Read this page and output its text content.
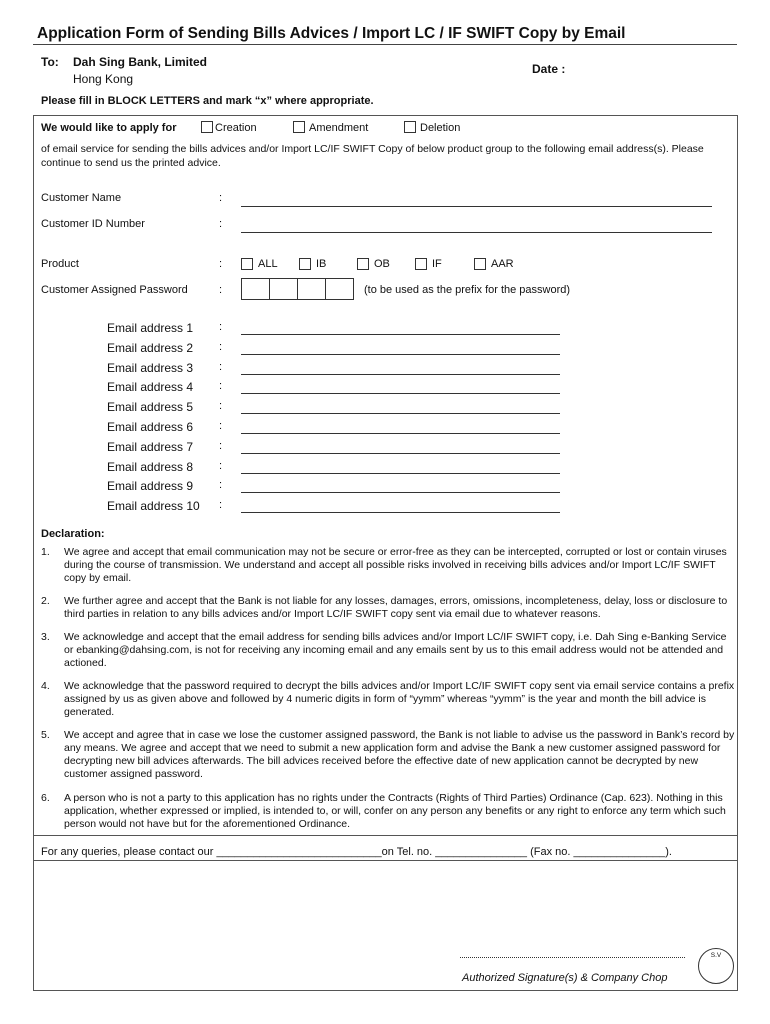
Application Form of Sending Bills Advices / Import LC / IF SWIFT Copy by Email
To: Dah Sing Bank, Limited
Hong Kong
Date :
Please fill in BLOCK LETTERS and mark “x” where appropriate.
We would like to apply for	Creation	Amendment	Deletion
of email service for sending the bills advices and/or Import LC/IF SWIFT Copy of below product group to the following email address(s). Please continue to send us the printed advice.
Customer Name	:
Customer ID Number	:
Product	:	ALL	IB	OB	IF	AAR
Customer Assigned Password	:	(to be used as the prefix for the password)
Email address 1 :
Email address 2 :
Email address 3 :
Email address 4 :
Email address 5 :
Email address 6 :
Email address 7 :
Email address 8 :
Email address 9 :
Email address 10 :
Declaration:
1. We agree and accept that email communication may not be secure or error-free as they can be intercepted, corrupted or lost or contain viruses during the course of transmission. We understand and accept all possible risks involved in receiving bills advices and/or Import LC/IF SWIFT copy by email.
2. We further agree and accept that the Bank is not liable for any losses, damages, errors, omissions, incompleteness, delay, loss or disclosure to third parties in relation to any bills advices and/or Import LC/IF SWIFT copy sent via email due to whatever reasons.
3. We acknowledge and accept that the email address for sending bills advices and/or Import LC/IF SWIFT copy, i.e. Dah Sing e-Banking Service or ebanking@dahsing.com, is not for receiving any incoming email and any emails sent by us to this email address would not be attended and actioned.
4. We acknowledge that the password required to decrypt the bills advices and/or Import LC/IF SWIFT copy sent via email service contains a prefix assigned by us as given above and followed by 4 numeric digits in form of “yymm” whereas “yymm” is the year and month the bill advice is generated.
5. We accept and agree that in case we lose the customer assigned password, the Bank is not liable to advise us the password in Bank’s record by any means. We agree and accept that we need to submit a new application form and advise the Bank a new customer assigned password for decrypting new bill advices afterwards. The bill advices received before the effective date of new application cannot be decrypted by new customer assigned password.
6. A person who is not a party to this application has no rights under the Contracts (Rights of Third Parties) Ordinance (Cap. 623). Nothing in this application, whether expressed or implied, is intended to, or will, confer on any person any benefits or any right to enforce any term which such person would not have but for the aforementioned Ordinance.
For any queries, please contact our ___________________________on Tel. no. _______________ (Fax no. _______________).
Authorized Signature(s) & Company Chop
S.V
